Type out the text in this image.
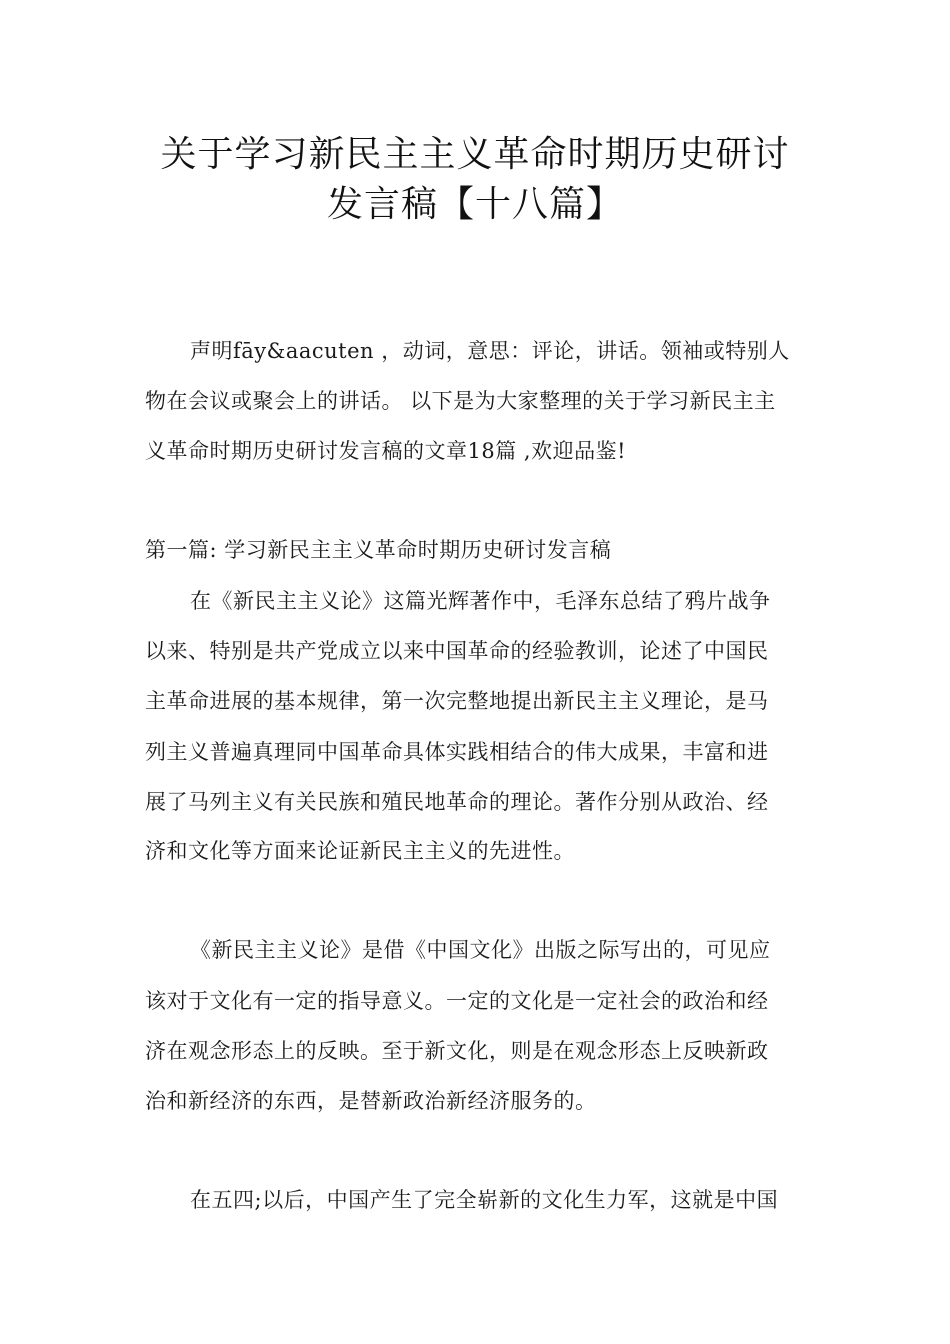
关于学习新民主主义革命时期历史研讨
发言稿【十八篇】
声明fāy&aacuten ，动词，意思：评论，讲话。领袖或特别人
物在会议或聚会上的讲话。 以下是为大家整理的关于学习新民主主
义革命时期历史研讨发言稿的文章18篇 ,欢迎品鉴!
第一篇: 学习新民主主义革命时期历史研讨发言稿
在《新民主主义论》这篇光辉著作中，毛泽东总结了鸦片战争
以来、特别是共产党成立以来中国革命的经验教训，论述了中国民
主革命进展的基本规律，第一次完整地提出新民主主义理论，是马
列主义普遍真理同中国革命具体实践相结合的伟大成果，丰富和进
展了马列主义有关民族和殖民地革命的理论。著作分别从政治、经
济和文化等方面来论证新民主主义的先进性。
《新民主主义论》是借《中国文化》出版之际写出的，可见应
该对于文化有一定的指导意义。一定的文化是一定社会的政治和经
济在观念形态上的反映。至于新文化，则是在观念形态上反映新政
治和新经济的东西，是替新政治新经济服务的。
在五四;以后，中国产生了完全崭新的文化生力军，这就是中国
